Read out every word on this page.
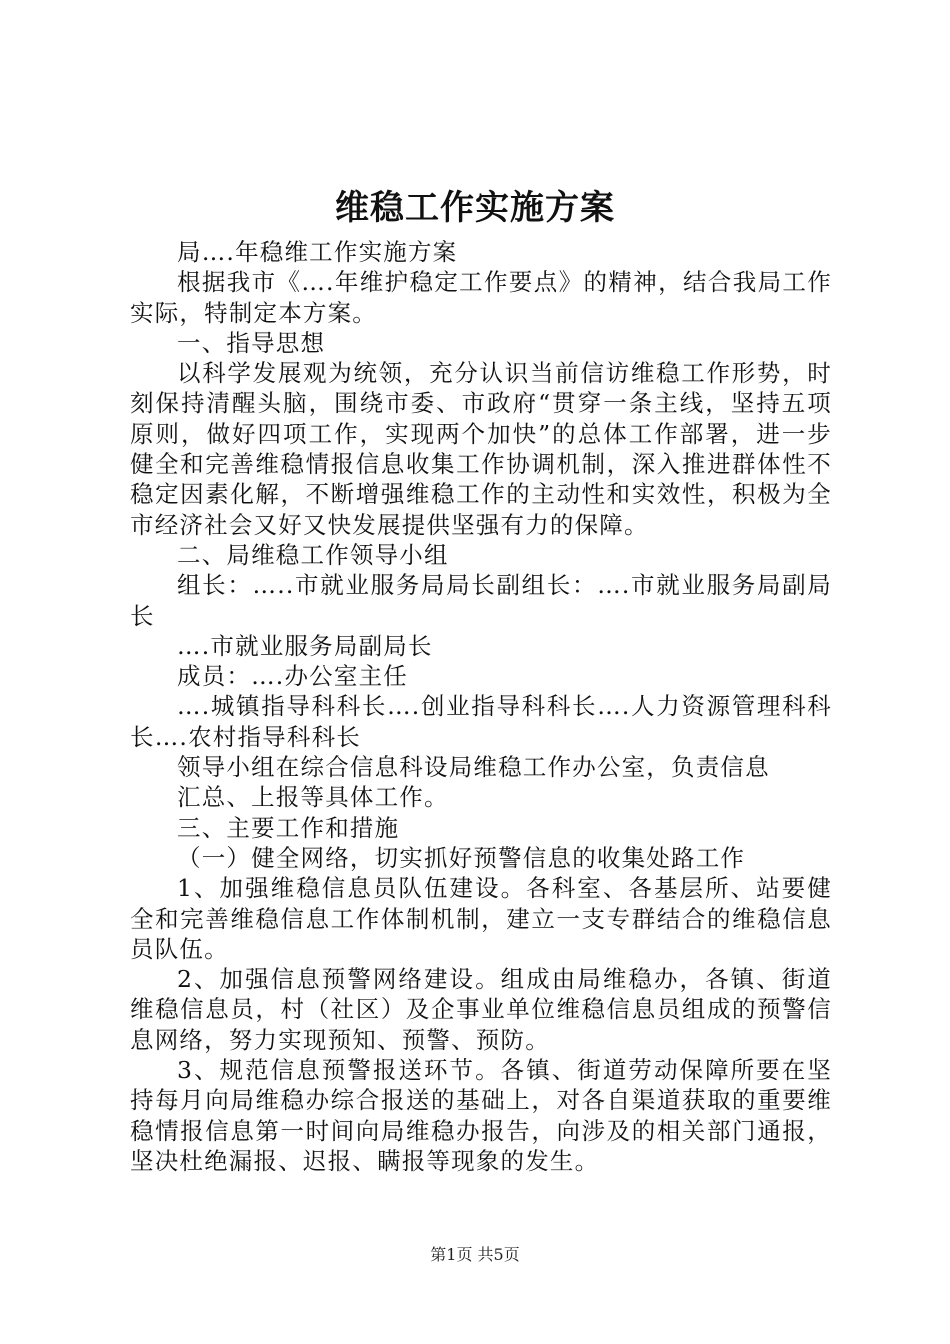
维稳工作实施方案

局….年稳维工作实施方案

根据我市《….年维护稳定工作要点》的精神，结合我局工作实际，特制定本方案。

一、指导思想

以科学发展观为统领，充分认识当前信访维稳工作形势，时刻保持清醒头脑，围绕市委、市政府“贯穿一条主线，坚持五项原则，做好四项工作，实现两个加快”的总体工作部署，进一步健全和完善维稳情报信息收集工作协调机制，深入推进群体性不稳定因素化解，不断增强维稳工作的主动性和实效性，积极为全市经济社会又好又快发展提供坚强有力的保障。

二、局维稳工作领导小组

组长：…..市就业服务局局长副组长：….市就业服务局副局长

….市就业服务局副局长

成员：….办公室主任

….城镇指导科科长….创业指导科科长….人力资源管理科科长….农村指导科科长

领导小组在综合信息科设局维稳工作办公室，负责信息

汇总、上报等具体工作。

三、主要工作和措施

（一）健全网络，切实抓好预警信息的收集处路工作

1、加强维稳信息员队伍建设。各科室、各基层所、站要健全和完善维稳信息工作体制机制，建立一支专群结合的维稳信息员队伍。

2、加强信息预警网络建设。组成由局维稳办，各镇、街道维稳信息员，村（社区）及企事业单位维稳信息员组成的预警信息网络，努力实现预知、预警、预防。

3、规范信息预警报送环节。各镇、街道劳动保障所要在坚持每月向局维稳办综合报送的基础上，对各自渠道获取的重要维稳情报信息第一时间向局维稳办报告，向涉及的相关部门通报，坚决杜绝漏报、迟报、瞒报等现象的发生。

第1页 共5页
